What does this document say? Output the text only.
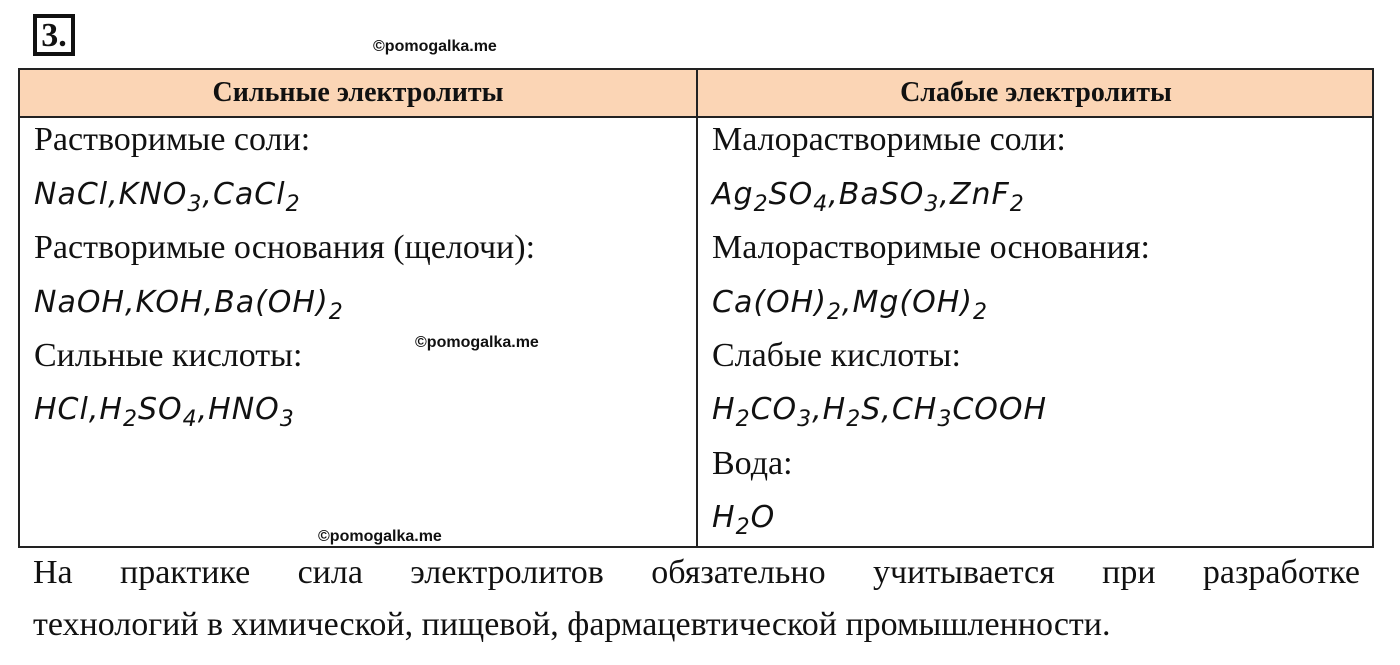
3.	©pomogalka.me
Сильные электролиты	Слабые электролиты
Растворимые соли:
$NaCl,KNO_3,CaCl_2$
Растворимые основания (щелочи):
$NaOH,KOH,Ba(OH)_2$
Сильные кислоты:
$HCl,H_2SO_4,HNO_3$
Малорастворимые соли:
$Ag_2SO_4,BaSO_3,ZnF_2$
Малорастворимые основания:
$Ca(OH)_2,Mg(OH)_2$
Слабые кислоты:
$H_2CO_3,H_2S,CH_3COOH$
Вода:
$H_2O$
©pomogalka.me
©pomogalka.me
На практике сила электролитов обязательно учитывается при разработке
технологий в химической, пищевой, фармацевтической промышленности.
